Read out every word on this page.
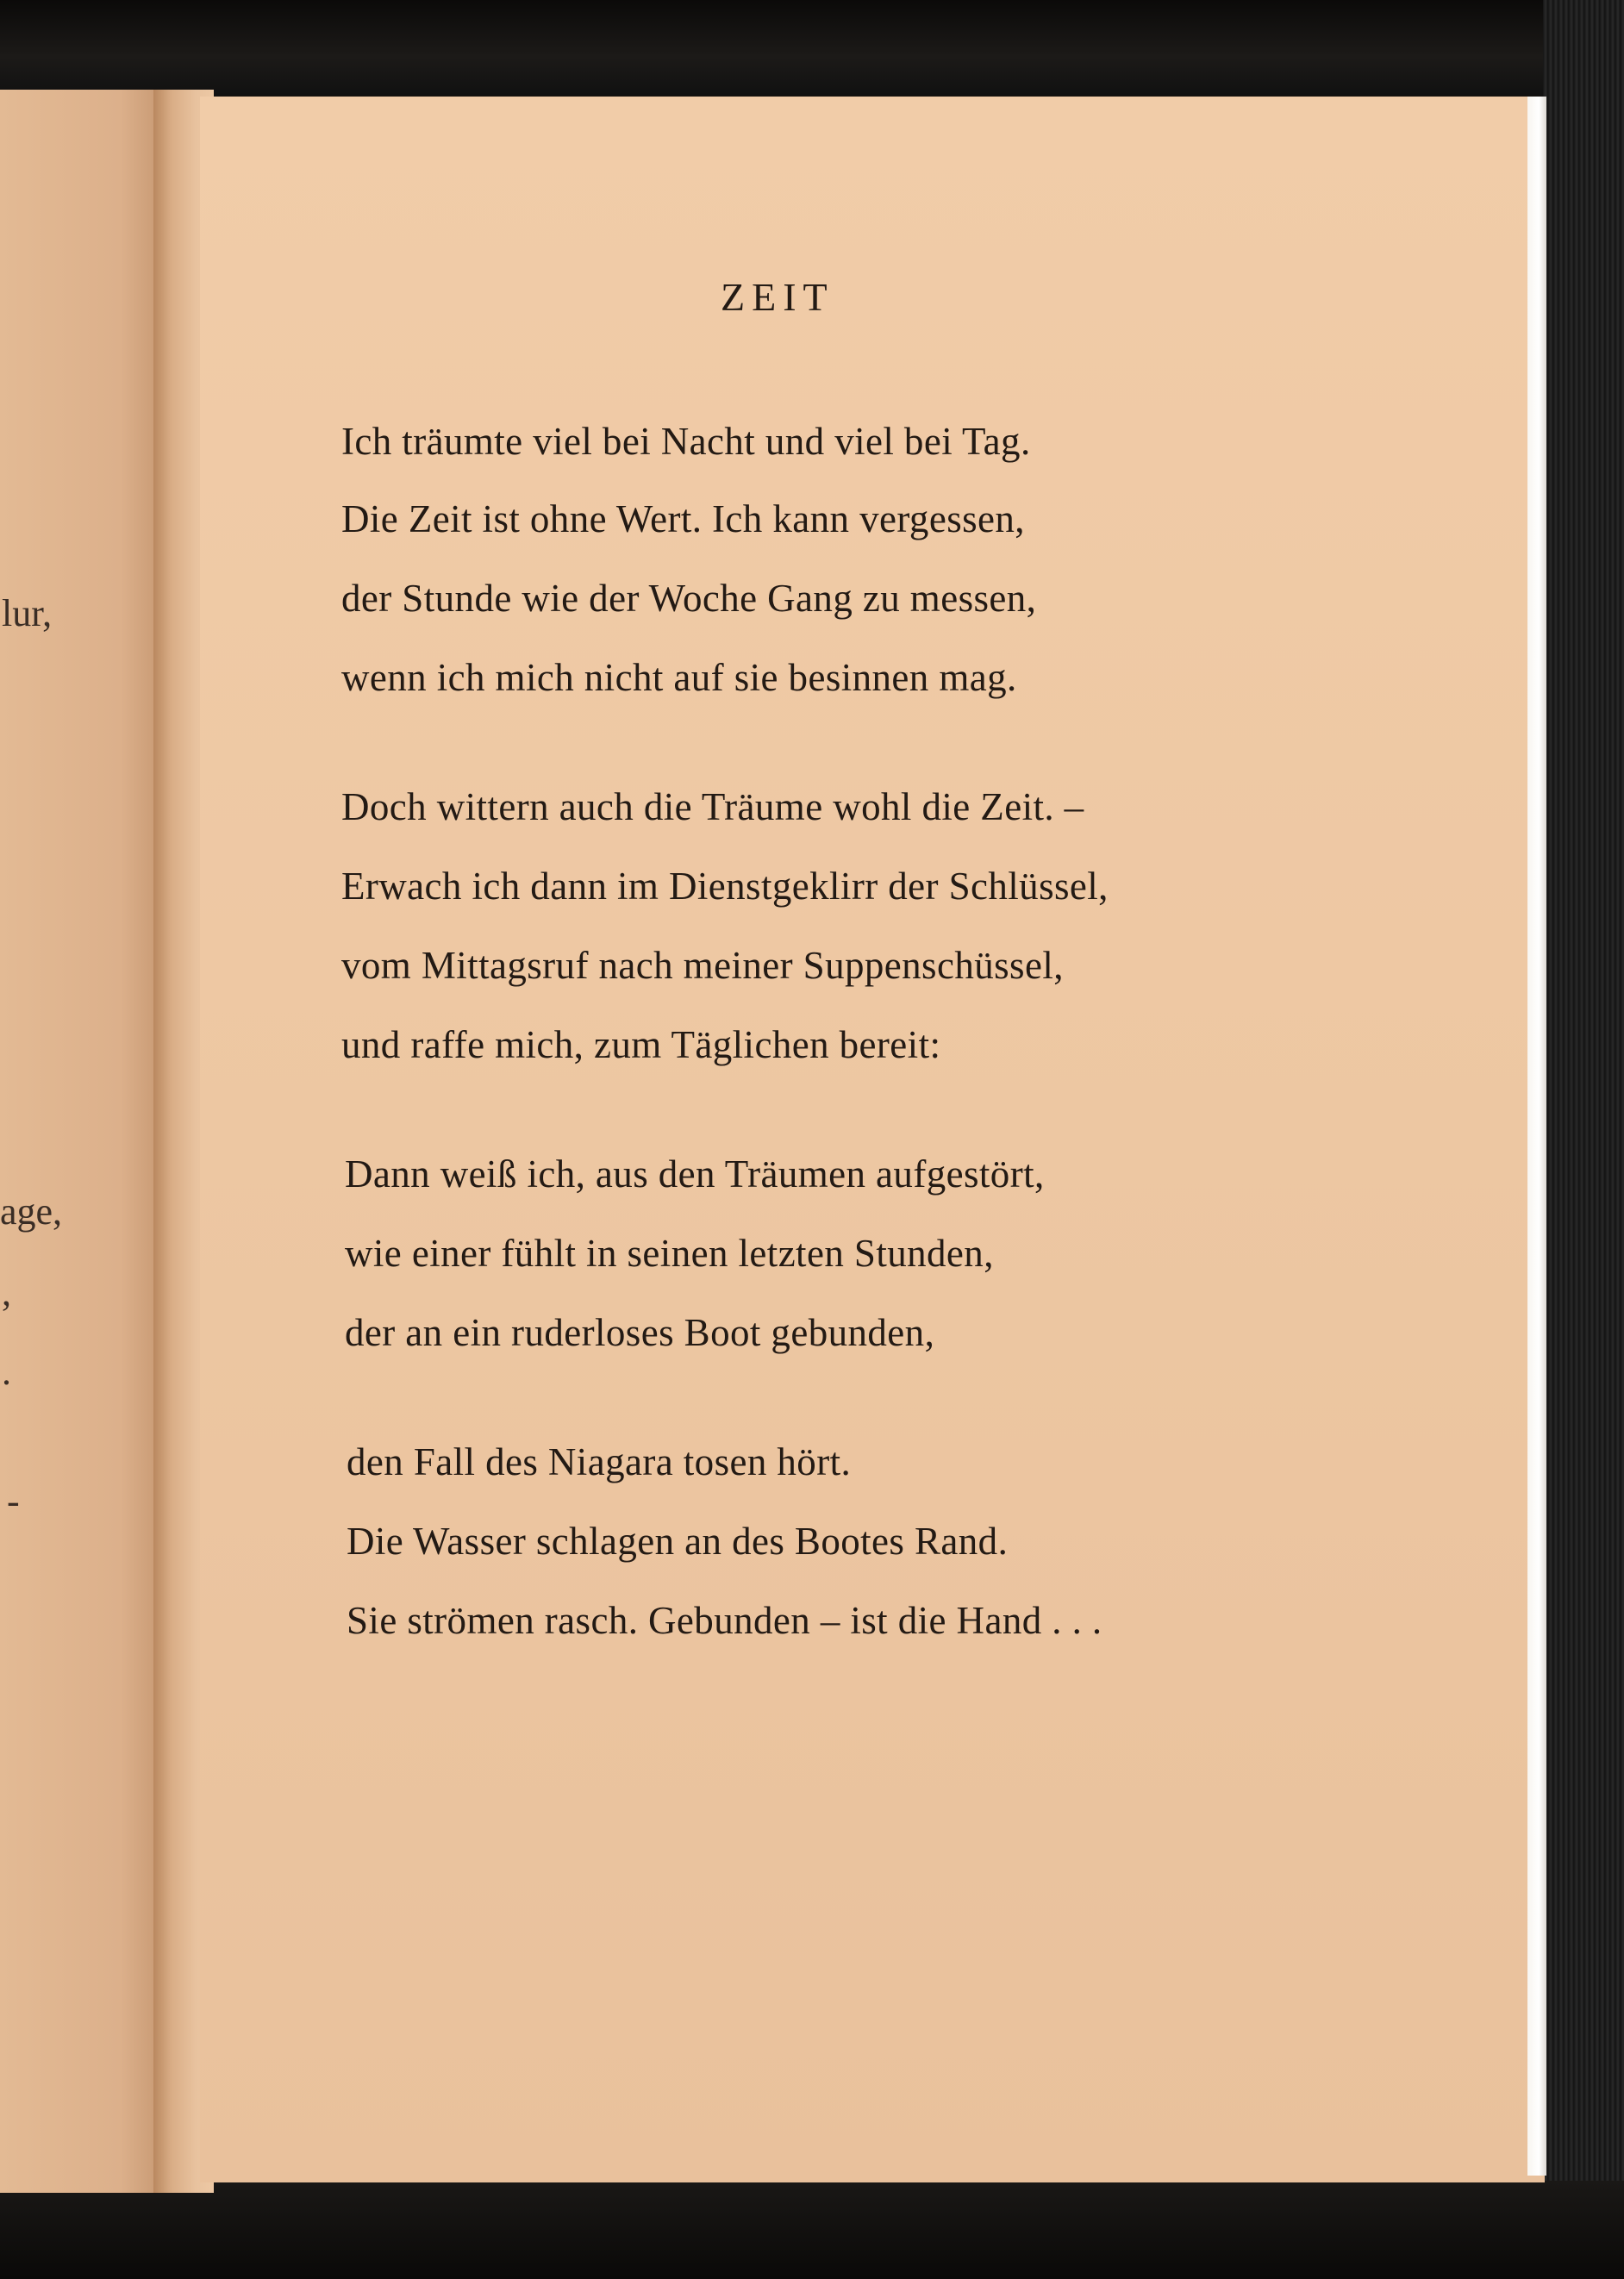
lur,
age,
,
.
-
ZEIT
Ich träumte viel bei Nacht und viel bei Tag.
Die Zeit ist ohne Wert. Ich kann vergessen,
der Stunde wie der Woche Gang zu messen,
wenn ich mich nicht auf sie besinnen mag.
Doch wittern auch die Träume wohl die Zeit. –
Erwach ich dann im Dienstgeklirr der Schlüssel,
vom Mittagsruf nach meiner Suppenschüssel,
und raffe mich, zum Täglichen bereit:
Dann weiß ich, aus den Träumen aufgestört,
wie einer fühlt in seinen letzten Stunden,
der an ein ruderloses Boot gebunden,
den Fall des Niagara tosen hört.
Die Wasser schlagen an des Bootes Rand.
Sie strömen rasch. Gebunden – ist die Hand . . .
